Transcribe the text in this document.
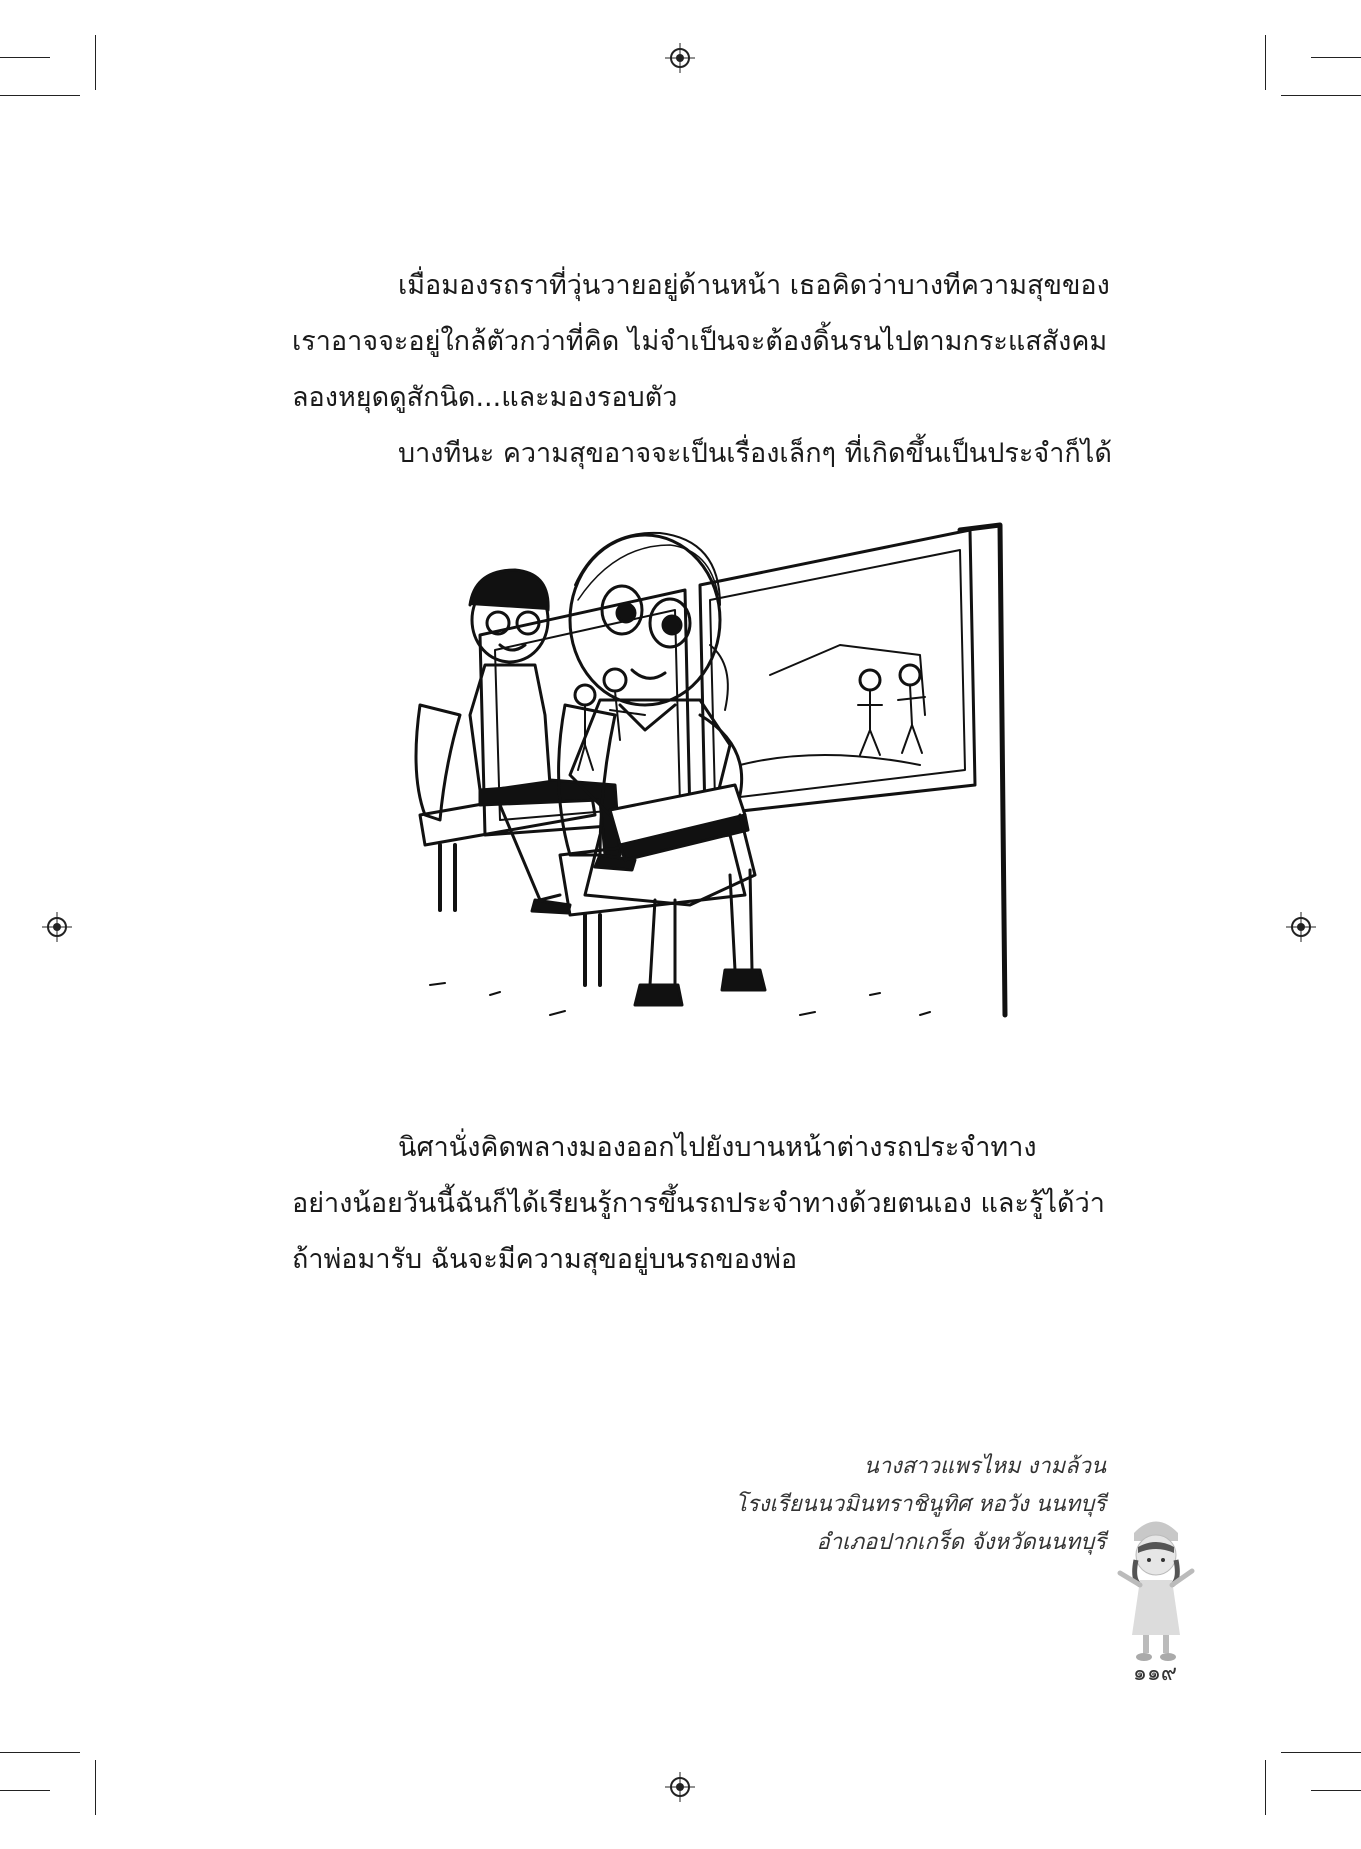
เมื่อมองรถราที่วุ่นวายอยู่ด้านหน้า เธอคิดว่าบางทีความสุขของ

เราอาจจะอยู่ใกล้ตัวกว่าที่คิด ไม่จำเป็นจะต้องดิ้นรนไปตามกระแสสังคม

ลองหยุดดูสักนิด...และมองรอบตัว

บางทีนะ ความสุขอาจจะเป็นเรื่องเล็กๆ ที่เกิดขึ้นเป็นประจำก็ได้

นิศานั่งคิดพลางมองออกไปยังบานหน้าต่างรถประจำทาง

อย่างน้อยวันนี้ฉันก็ได้เรียนรู้การขึ้นรถประจำทางด้วยตนเอง และรู้ได้ว่า

ถ้าพ่อมารับ ฉันจะมีความสุขอยู่บนรถของพ่อ

นางสาวแพรไหม งามล้วน
โรงเรียนนวมินทราชินูทิศ หอวัง นนทบุรี
อำเภอปากเกร็ด จังหวัดนนทบุรี
๑๑๙
